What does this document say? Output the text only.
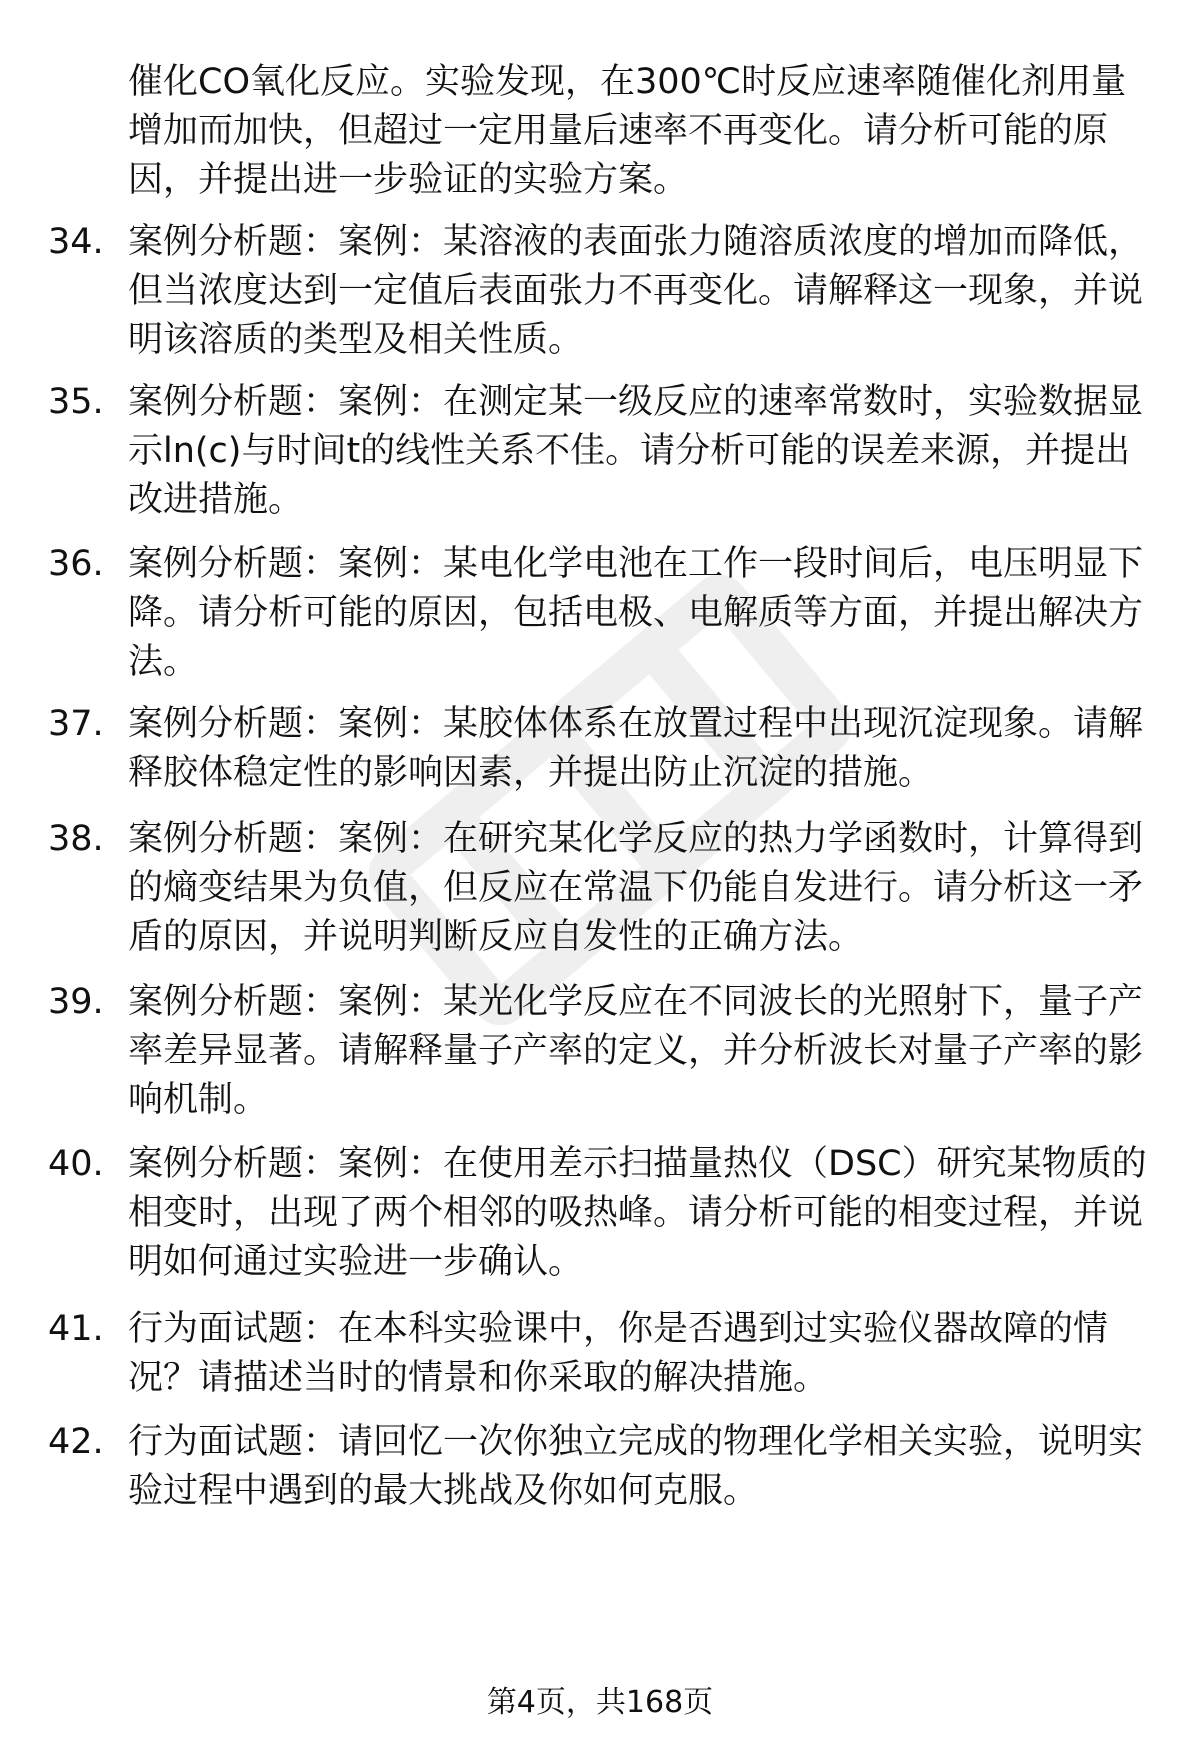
催化CO氧化反应。实验发现，在300℃时反应速率随催化剂用量增加而加快，但超过一定用量后速率不再变化。请分析可能的原因，并提出进一步验证的实验方案。
34. 案例分析题：案例：某溶液的表面张力随溶质浓度的增加而降低，但当浓度达到一定值后表面张力不再变化。请解释这一现象，并说明该溶质的类型及相关性质。
35. 案例分析题：案例：在测定某一级反应的速率常数时，实验数据显示ln(c)与时间t的线性关系不佳。请分析可能的误差来源，并提出改进措施。
36. 案例分析题：案例：某电化学电池在工作一段时间后，电压明显下降。请分析可能的原因，包括电极、电解质等方面，并提出解决方法。
37. 案例分析题：案例：某胶体体系在放置过程中出现沉淀现象。请解释胶体稳定性的影响因素，并提出防止沉淀的措施。
38. 案例分析题：案例：在研究某化学反应的热力学函数时，计算得到的熵变结果为负值，但反应在常温下仍能自发进行。请分析这一矛盾的原因，并说明判断反应自发性的正确方法。
39. 案例分析题：案例：某光化学反应在不同波长的光照射下，量子产率差异显著。请解释量子产率的定义，并分析波长对量子产率的影响机制。
40. 案例分析题：案例：在使用差示扫描量热仪（DSC）研究某物质的相变时，出现了两个相邻的吸热峰。请分析可能的相变过程，并说明如何通过实验进一步确认。
41. 行为面试题：在本科实验课中，你是否遇到过实验仪器故障的情况？请描述当时的情景和你采取的解决措施。
42. 行为面试题：请回忆一次你独立完成的物理化学相关实验，说明实验过程中遇到的最大挑战及你如何克服。
第4页，共168页
